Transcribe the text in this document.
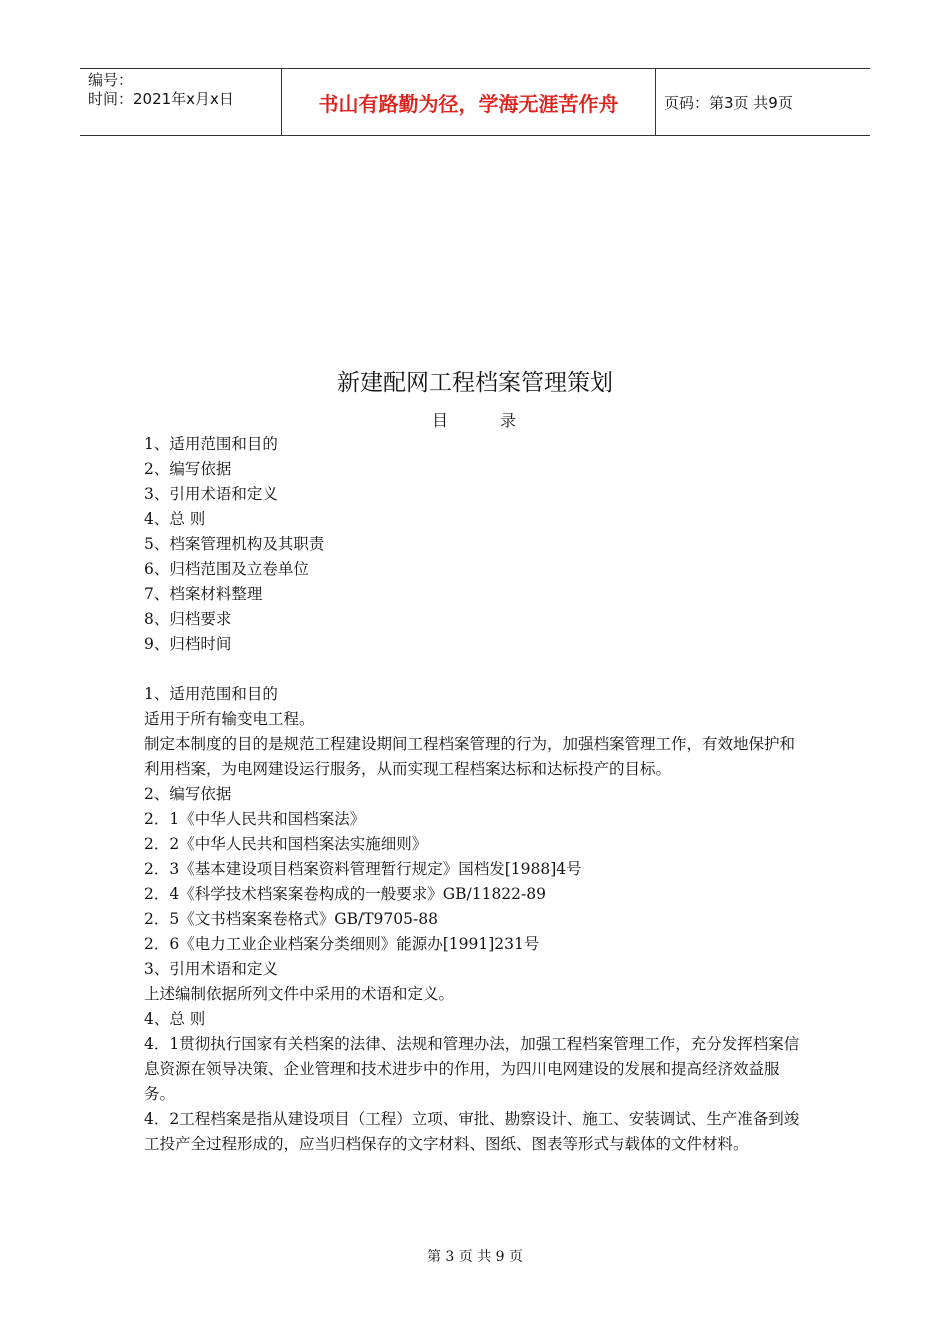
编号：
时间：2021年x月x日	书山有路勤为径，学海无涯苦作舟	页码：第3页 共9页
新建配网工程档案管理策划
目	录

1、适用范围和目的

2、编写依据

3、引用术语和定义

4、总 则

5、档案管理机构及其职责

6、归档范围及立卷单位

7、档案材料整理

8、归档要求

9、归档时间

1、适用范围和目的

适用于所有输变电工程。

制定本制度的目的是规范工程建设期间工程档案管理的行为，加强档案管理工作，有效地保护和利用档案，为电网建设运行服务，从而实现工程档案达标和达标投产的目标。

2、编写依据

2．1《中华人民共和国档案法》

2．2《中华人民共和国档案法实施细则》

2．3《基本建设项目档案资料管理暂行规定》国档发[1988]4号

2．4《科学技术档案案卷构成的一般要求》GB/11822-89

2．5《文书档案案卷格式》GB/T9705-88

2．6《电力工业企业档案分类细则》能源办[1991]231号

3、引用术语和定义

上述编制依据所列文件中采用的术语和定义。

4、总 则

4．1贯彻执行国家有关档案的法律、法规和管理办法，加强工程档案管理工作，充分发挥档案信息资源在领导决策、企业管理和技术进步中的作用，为四川电网建设的发展和提高经济效益服务。

4．2工程档案是指从建设项目（工程）立项、审批、勘察设计、施工、安装调试、生产准备到竣工投产全过程形成的，应当归档保存的文字材料、图纸、图表等形式与载体的文件材料。

第 3 页 共 9 页
